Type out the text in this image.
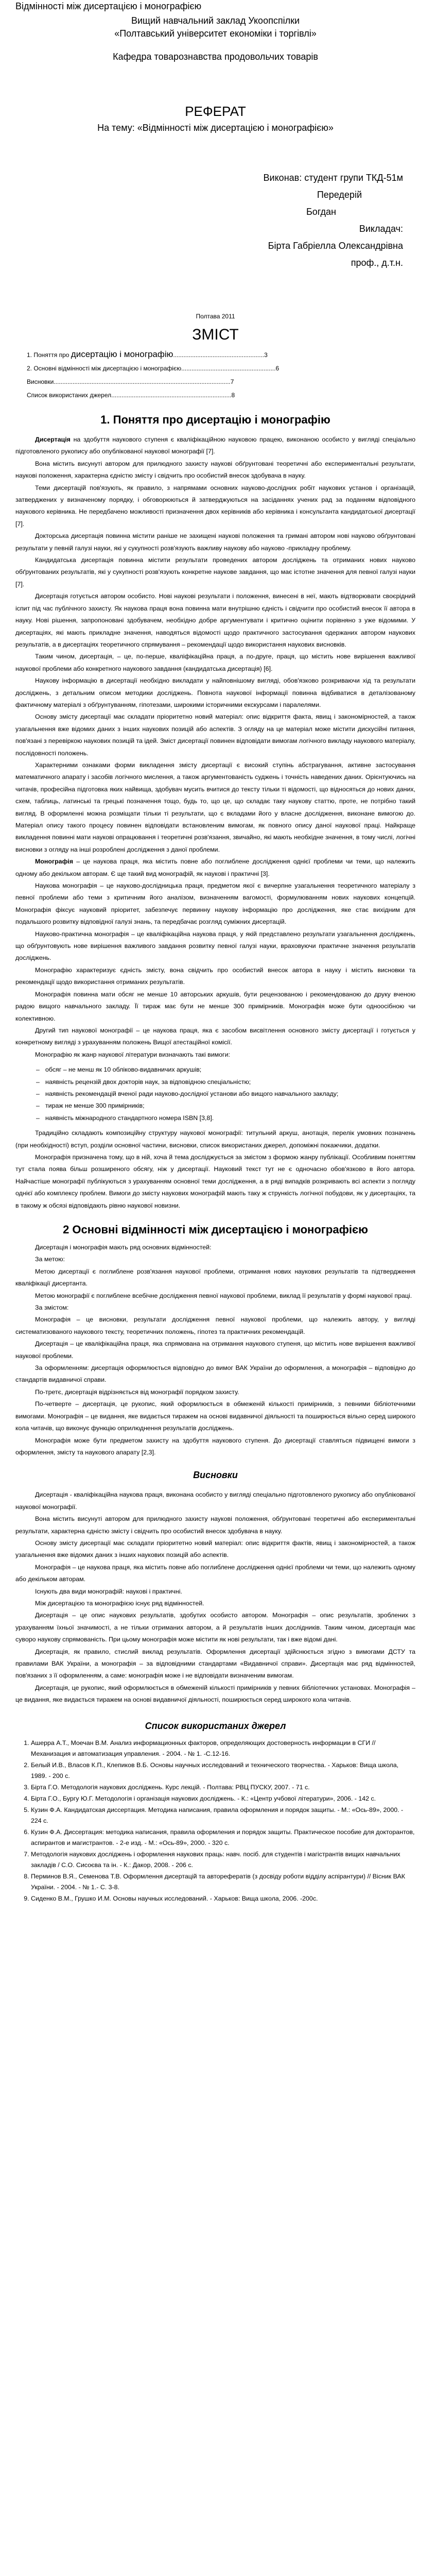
Відмінності між дисертацією і монографією
Вищий навчальний заклад Укоопспілки
«Полтавський університет економіки і торгівлі»
Кафедра товарознавства продовольчих товарів
РЕФЕРАТ
На тему: «Відмінності між дисертацією і монографією»
Виконав: студент групи ТКД-51м
Передерій
Богдан
Викладач:
Бірта Габріелла Олександрівна
проф., д.т.н.
Полтава 2011
ЗМІСТ
1. Поняття про дисертацію і монографію.....................................................3
2. Основні відмінності між дисертацією і монографією.......................................................6
Висновки.......................................................................................................7
Список використаних джерел......................................................................8
1. Поняття про дисертацію і монографію

Дисертація на здобуття наукового ступеня є кваліфікаційною науковою працею, виконаною особисто у вигляді спеціально підготовленого рукопису або опублікованої наукової монографії [7].

Вона містить висунуті автором для прилюдного захисту наукові обґрунтовані теоретичні або експериментальні результати, наукові положення, характерна єдністю змісту і свідчить про особистий внесок здобувача в науку.

Теми дисертацій пов'язують, як правило, з напрямами основних науково-дослідних робіт наукових установ і організацій, затверджених у визначеному порядку, і обговорюються й затверджуються на засіданнях учених рад за поданням відповідного наукового керівника. Не передбачено можливості призначення двох керівників або керівника і консультанта кандидатської дисертації [7].

Докторська дисертація повинна містити раніше не захищені наукові положення та гримані автором нові науково обґрунтовані результати у певній галузі науки, які у сукупності розв'язують важливу наукову або науково -прикладну проблему.

Кандидатська дисертація повинна містити результати проведених автором досліджень та отриманих нових науково обґрунтованих результатів, які у сукупності розв'язують конкретне наукове завдання, що має істотне значення для певної галузі науки [7].

Дисертація готується автором особисто. Нові наукові результати і положення, винесені в неї, мають відтворювати своєрідний іспит під час публічного захисту. Як наукова праця вона повинна мати внутрішню єдність і свідчити про особистий внесок її автора в науку. Нові рішення, запропоновані здобувачем, необхідно добре аргументувати і критично оцінити порівняно з уже відомими. У дисертаціях, які мають прикладне значення, наводяться відомості щодо практичного застосування одержаних автором наукових результатів, а в дисертаціях теоретичного спрямування – рекомендації щодо використання наукових висновків.

Таким чином, дисертація, – це, по-перше, кваліфікаційна праця, а по-друге, праця, що містить нове вирішення важливої наукової проблеми або конкретного наукового завдання (кандидатська дисертація) [6].

Наукову інформацію в дисертації необхідно викладати у найповнішому вигляді, обов'язково розкриваючи хід та результати досліджень, з детальним описом методики досліджень. Повнота наукової інформації повинна відбиватися в деталізованому фактичному матеріалі з обґрунтуванням, гіпотезами, широкими історичними екскурсами і паралелями.

Основу змісту дисертації має складати пріоритетно новий матеріал: опис відкриття факта, явищ і закономірностей, а також узагальнення вже відомих даних з інших наукових позицій або аспектів. З огляду на це матеріал може містити дискусійні питання, пов'язані з перевіркою наукових позицій та ідей. Зміст дисертації повинен відповідати вимогам логічного викладу наукового матеріалу, послідовності положень.

Характерними ознаками форми викладення змісту дисертації є високий ступінь абстрагування, активне застосування математичного апарату і засобів логічного мислення, а також аргументованість суджень і точність наведених даних. Орієнтуючись на читачів, професійна підготовка яких найвища, здобувач мусить вчитися до тексту тільки ті відомості, що відносяться до нових даних, схем, таблиць, латинські та грецькі позначення тощо, будь то, що це, що складає таку наукову статтю, проте, не потрібно такий вигляд. В оформленні можна розміщати тільки ті результати, що є вкладами його у власне дослідження, виконане вимогою до. Матеріал опису такого процесу повинен відповідати встановленим вимогам, як повного опису даної наукової праці. Найкраще викладення повинні мати наукові опрацювання і теоретичні розв'язання, звичайно, які мають необхідне значення, в тому числі, логічні висновки з огляду на інші розроблені дослідження з даної проблеми.

Монографія – це наукова праця, яка містить повне або поглиблене дослідження однієї проблеми чи теми, що належить одному або декільком авторам. Є ще такий вид монографій, як наукові і практичні [3].

Наукова монографія – це науково-дослідницька праця, предметом якої є вичерпне узагальнення теоретичного матеріалу з певної проблеми або теми з критичним його аналізом, визначенням вагомості, формулюванням нових наукових концепцій. Монографія фіксує науковий пріоритет, забезпечує первинну наукову інформацію про дослідження, яке стає вихідним для подальшого розвитку відповідної галузі знань, та передбачає розгляд суміжних дисертацій.

Науково-практична монографія – це кваліфікаційна наукова праця, у якій представлено результати узагальнення досліджень, що обґрунтовують нове вирішення важливого завдання розвитку певної галузі науки, враховуючи практичне значення результатів досліджень.

Монографію характеризує єдність змісту, вона свідчить про особистий внесок автора в науку і містить висновки та рекомендації щодо використання отриманих результатів.

Монографія повинна мати обсяг не менше 10 авторських аркушів, бути рецензованою і рекомендованою до друку вченою радою вищого навчального закладу. Її тираж має бути не менше 300 примірників. Монографія може бути одноосібною чи колективною.

Другий тип наукової монографії – це наукова праця, яка є засобом висвітлення основного змісту дисертації і готується у конкретному вигляді з урахуванням положень Вищої атестаційної комісії.

Монографію як жанр наукової літератури визначають такі вимоги:

– обсяг – не менш як 10 обліково-видавничих аркушів;
– наявність рецензій двох докторів наук, за відповідною спеціальністю;
– наявність рекомендацій вченої ради науково-дослідної установи або вищого навчального закладу;
– тираж не менше 300 примірників;
– наявність міжнародного стандартного номера ISBN [3,8].

Традиційно складають композиційну структуру наукової монографії: титульний аркуш, анотація, перелік умовних позначень (при необхідності) вступ, розділи основної частини, висновки, список використаних джерел, допоміжні покажчики, додатки.

Монографія призначена тому, що в ній, хоча й тема досліджується за змістом з формою жанру публікації. Особливим поняттям тут стала поява більш розширеного обсягу, ніж у дисертації. Науковий текст тут не є одночасно обов'язково в його автора. Найчастіше монографії публікуються з урахуванням основної теми дослідження, а в ряді випадків розкривають всі аспекти з погляду однієї або комплексу проблем. Вимоги до змісту наукових монографій мають таку ж стрункість логічної побудови, як у дисертаціях, та в такому ж обсязі відповідають рівню наукової новизни.

2 Основні відмінності між дисертацією і монографією

Дисертація і монографія мають ряд основних відмінностей:

За метою:

Метою дисертації є поглиблене розв'язання наукової проблеми, отримання нових наукових результатів та підтвердження кваліфікації дисертанта.

Метою монографії є поглиблене всебічне дослідження певної наукової проблеми, виклад її результатів у формі наукової праці.

За змістом:

Монографія – це висновки, результати дослідження певної наукової проблеми, що належить автору, у вигляді систематизованого наукового тексту, теоретичних положень, гіпотез та практичних рекомендацій.

Дисертація – це кваліфікаційна праця, яка спрямована на отримання наукового ступеня, що містить нове вирішення важливої наукової проблеми.

За оформленням: дисертація оформлюється відповідно до вимог ВАК України до оформлення, а монографія – відповідно до стандартів видавничої справи.

По-третє, дисертація відрізняється від монографії порядком захисту.

По-четверте – дисертація, це рукопис, який оформлюється в обмеженій кількості примірників, з певними бібліотечними вимогами. Монографія – це видання, яке видається тиражем на основі видавничої діяльності та поширюється вільно серед широкого кола читачів, що виконує функцію оприлюднення результатів досліджень.

Монографія може бути предметом захисту на здобуття наукового ступеня. До дисертації ставляться підвищені вимоги з оформлення, змісту та наукового апарату [2,3].

Висновки

Дисертація - кваліфікаційна наукова праця, виконана особисто у вигляді спеціально підготовленого рукопису або опублікованої наукової монографії.

Вона містить висунуті автором для прилюдного захисту наукові положення, обґрунтовані теоретичні або експериментальні результати, характерна єдністю змісту і свідчить про особистий внесок здобувача в науку.

Основу змісту дисертації має складати пріоритетно новий матеріал: опис відкриття фактів, явищ і закономірностей, а також узагальнення вже відомих даних з інших наукових позицій або аспектів.

Монографія – це наукова праця, яка містить повне або поглиблене дослідження однієї проблеми чи теми, що належить одному або декільком авторам.

Існують два види монографій: наукові і практичні.

Між дисертацією та монографією існує ряд відмінностей.

Дисертація – це опис наукових результатів, здобутих особисто автором. Монографія – опис результатів, зроблених з урахуванням їхньої значимості, а не тільки отриманих автором, а й результатів інших дослідників. Таким чином, дисертація має суворо наукову спрямованість. При цьому монографія може містити як нові результати, так і вже відомі дані.

Дисертація, як правило, стислий виклад результатів. Оформлення дисертації здійснюється згідно з вимогами ДСТУ та правилами ВАК України, а монографія – за відповідними стандартами «Видавничої справи». Дисертація має ряд відмінностей, пов'язаних з її оформленням, а саме: монографія може і не відповідати визначеним вимогам.

Дисертація, це рукопис, який оформлюється в обмеженій кількості примірників у певних бібліотечних установах. Монографія – це видання, яке видається тиражем на основі видавничої діяльності, поширюється серед широкого кола читачів.

Список використаних джерел
1. Ашерра А.Т., Моечан В.М. Анализ информационных факторов, определяющих достоверность информации в СГИ // Механизация и автоматизация управления. - 2004. - № 1. -С.12-16.
2. Белый И.В., Власов К.П., Клепиков В.Б. Основы научных исследований и технического творчества. - Харьков: Вища школа, 1989. - 200 с.
3. Бірта Г.О. Методологія наукових досліджень. Курс лекцій. - Полтава: РВЦ ПУСКУ, 2007. - 71 с.
4. Бірта Г.О., Бургу Ю.Г. Методологія і організація наукових досліджень. - К.: «Центр учбової літератури», 2006. - 142 с.
5. Кузин Ф.А. Кандидатская диссертация. Методика написания, правила оформления и порядок защиты. - М.: «Ось-89», 2000. - 224 с.
6. Кузин Ф.А. Диссертация: методика написания, правила оформления и порядок защиты. Практическое пособие для докторантов, аспирантов и магистрантов. - 2-е изд. - М.: «Ось-89», 2000. - 320 с.
7. Методологія наукових досліджень і оформлення наукових праць: навч. посіб. для студентів і магістрантів вищих навчальних закладів / С.О. Сисоєва та ін. - К.: Дакор, 2008. - 206 с.
8. Перминов В.Я., Семенова Т.В. Оформлення дисертацій та авторефератів (з досвіду роботи відділу аспірантури) // Вісник ВАК України. - 2004. - № 1.- С. 3-8.
9. Сиденко В.М., Грушко И.М. Основы научных исследований. - Харьков: Вища школа, 2006. -200с.
